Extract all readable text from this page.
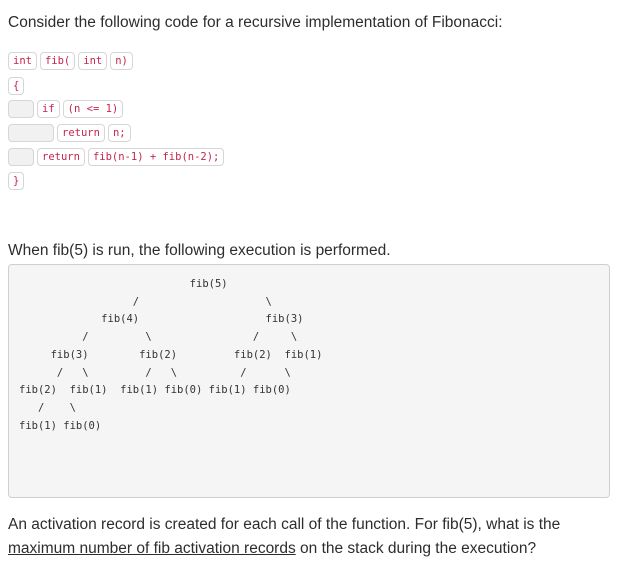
Consider the following code for a recursive implementation of Fibonacci:
int	fib(	int	n)
{
if	(n <= 1)
return	n;
return	fib(n-1) + fib(n-2);
}
When fib(5) is run, the following execution is performed.
fib(5)
/                    \
fib(4)                    fib(3)
/         \                /     \
fib(3)        fib(2)         fib(2)  fib(1)
/   \         /   \          /      \
fib(2)  fib(1)  fib(1) fib(0) fib(1) fib(0)
/    \
fib(1) fib(0)
An activation record is created for each call of the function. For fib(5), what is the maximum number of fib activation records on the stack during the execution?
